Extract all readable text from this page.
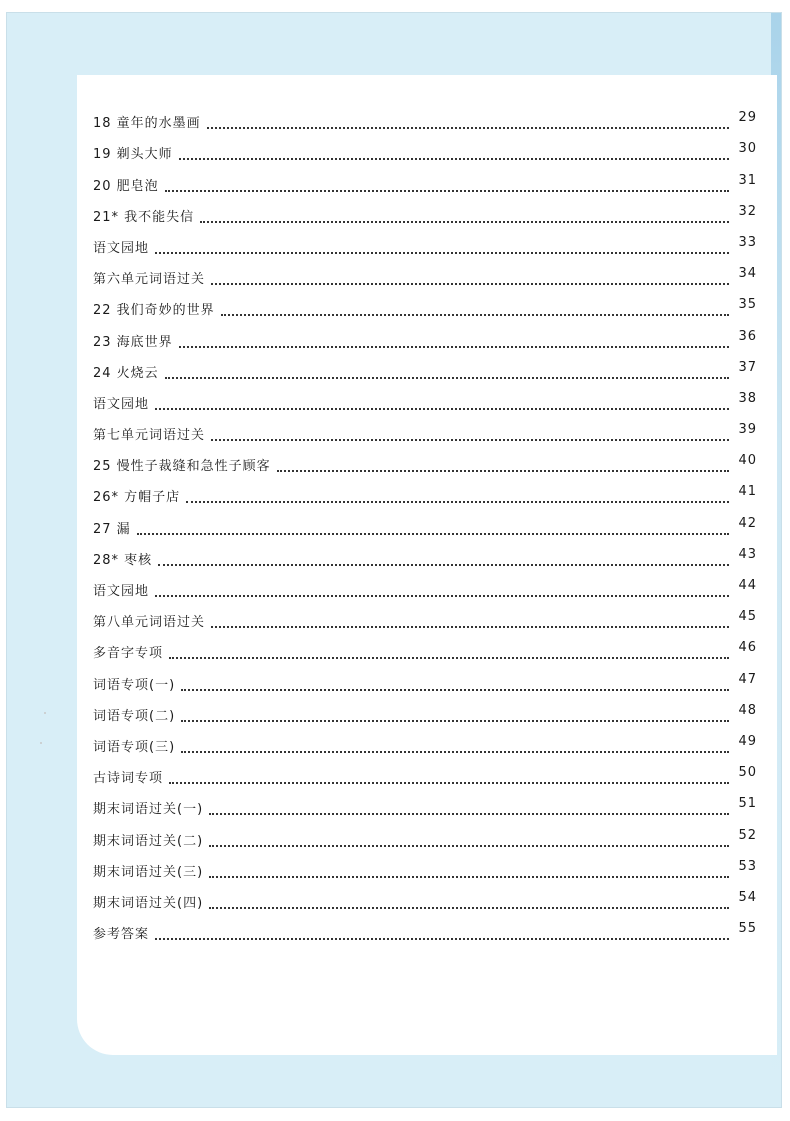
18 童年的水墨画	29
19 剃头大师	30
20 肥皂泡	31
21* 我不能失信	32
语文园地	33
第六单元词语过关	34
22 我们奇妙的世界	35
23 海底世界	36
24 火烧云	37
语文园地	38
第七单元词语过关	39
25 慢性子裁缝和急性子顾客	40
26* 方帽子店	41
27 漏	42
28* 枣核	43
语文园地	44
第八单元词语过关	45
多音字专项	46
词语专项(一)	47
词语专项(二)	48
词语专项(三)	49
古诗词专项	50
期末词语过关(一)	51
期末词语过关(二)	52
期末词语过关(三)	53
期末词语过关(四)	54
参考答案	55
